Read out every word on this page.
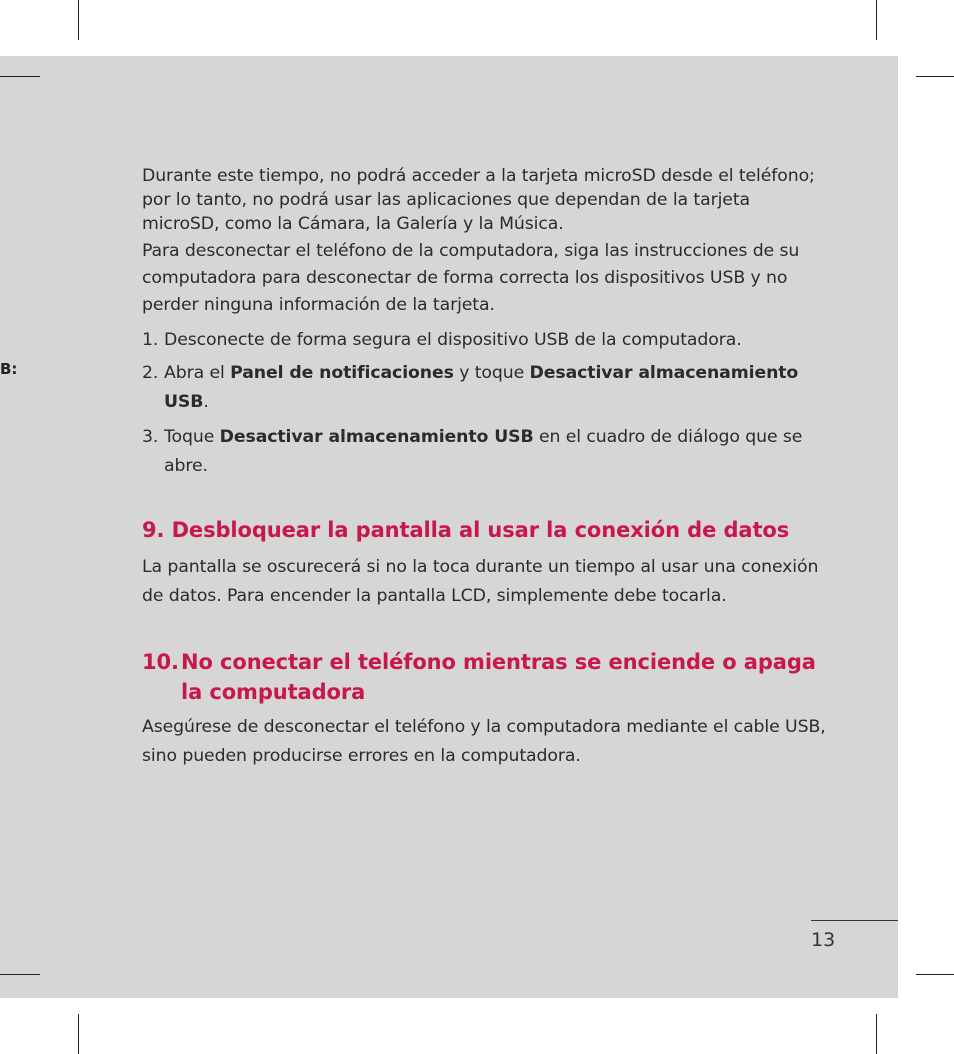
B:

Durante este tiempo, no podrá acceder a la tarjeta microSD desde el teléfono; por lo tanto, no podrá usar las aplicaciones que dependan de la tarjeta microSD, como la Cámara, la Galería y la Música.

Para desconectar el teléfono de la computadora, siga las instrucciones de su computadora para desconectar de forma correcta los dispositivos USB y no perder ninguna información de la tarjeta.

1. Desconecte de forma segura el dispositivo USB de la computadora.
2. Abra el Panel de notificaciones y toque Desactivar almacenamiento USB.
3. Toque Desactivar almacenamiento USB en el cuadro de diálogo que se abre.
9. Desbloquear la pantalla al usar la conexión de datos

La pantalla se oscurecerá si no la toca durante un tiempo al usar una conexión de datos. Para encender la pantalla LCD, simplemente debe tocarla.

10. No conectar el teléfono mientras se enciende o apaga la computadora

Asegúrese de desconectar el teléfono y la computadora mediante el cable USB, sino pueden producirse errores en la computadora.

13
